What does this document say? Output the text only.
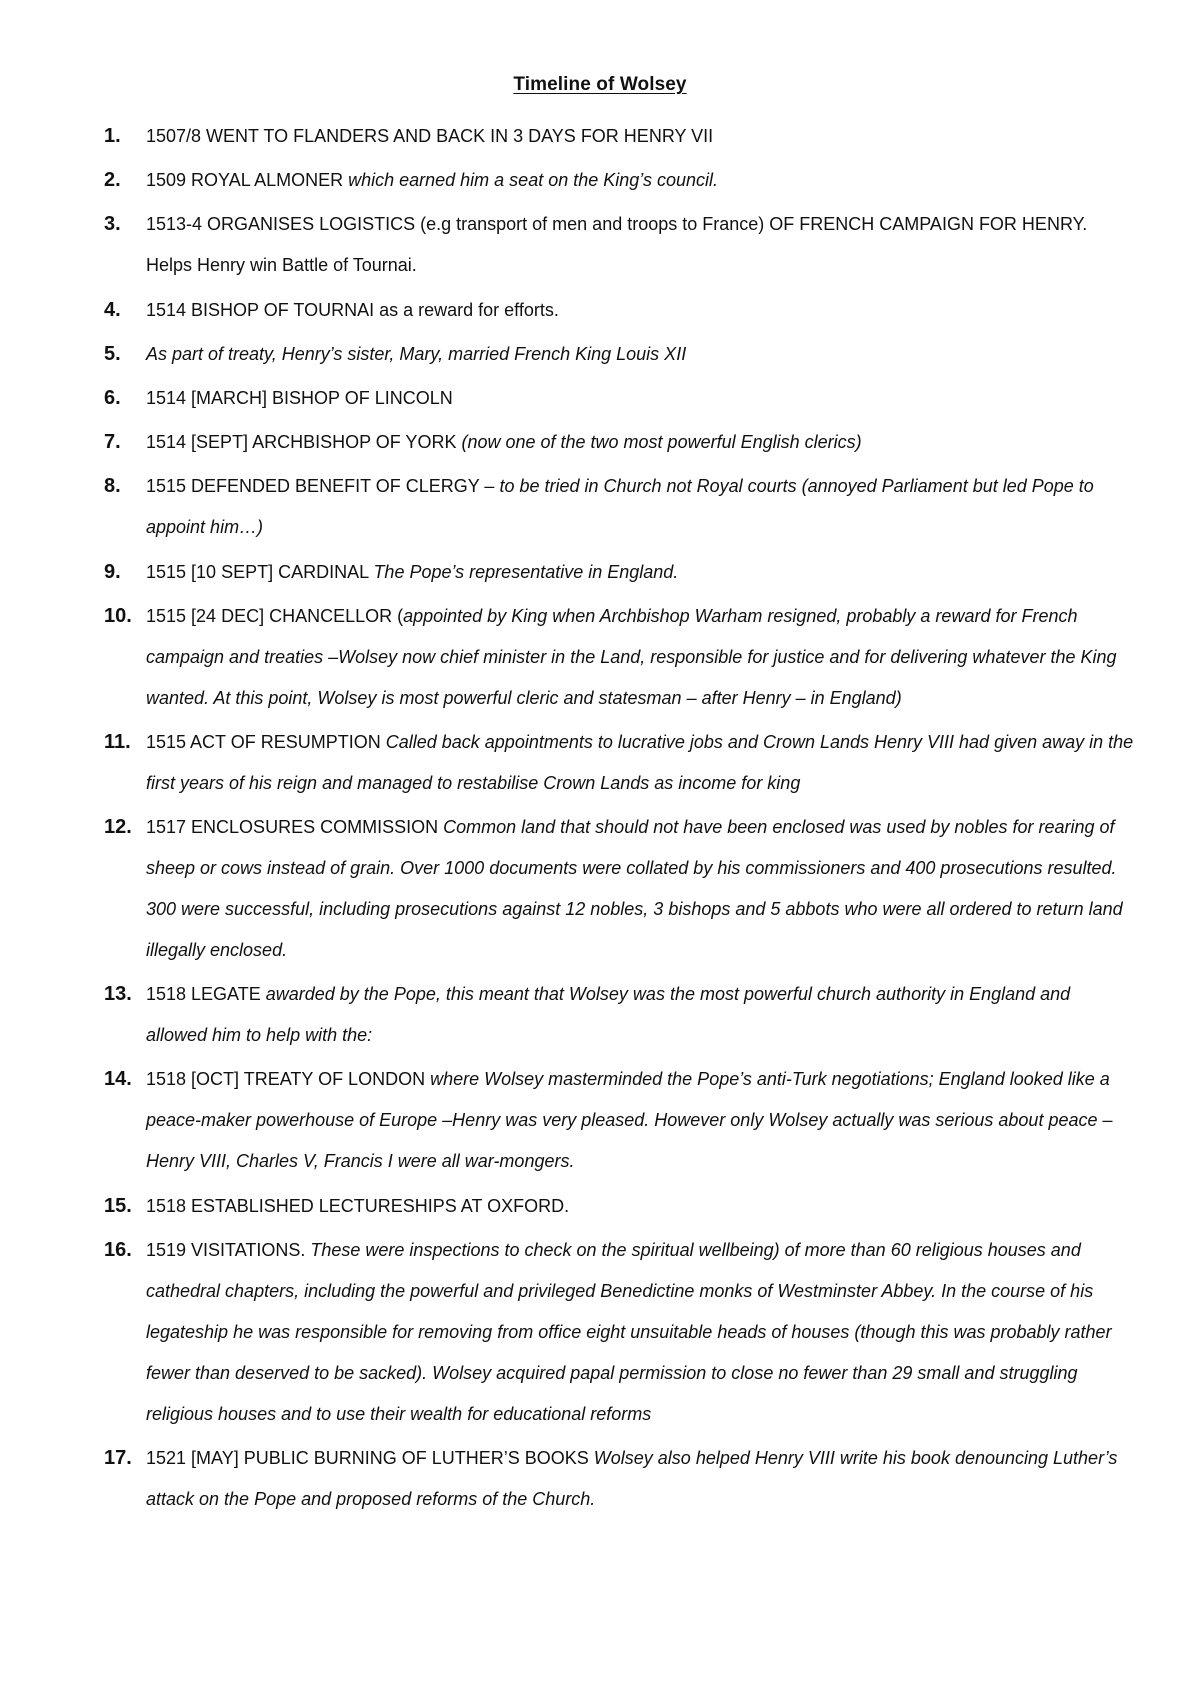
Timeline of Wolsey
1. 1507/8 WENT TO FLANDERS AND BACK IN 3 DAYS FOR HENRY VII
2. 1509 ROYAL ALMONER which earned him a seat on the King’s council.
3. 1513-4 ORGANISES LOGISTICS (e.g transport of men and troops to France) OF FRENCH CAMPAIGN FOR HENRY. Helps Henry win Battle of Tournai.
4. 1514 BISHOP OF TOURNAI as a reward for efforts.
5. As part of treaty, Henry’s sister, Mary, married French King Louis XII
6. 1514 [MARCH] BISHOP OF LINCOLN
7. 1514 [SEPT] ARCHBISHOP OF YORK (now one of the two most powerful English clerics)
8. 1515 DEFENDED BENEFIT OF CLERGY – to be tried in Church not Royal courts (annoyed Parliament but led Pope to appoint him…)
9. 1515 [10 SEPT] CARDINAL The Pope’s representative in England.
10. 1515 [24 DEC] CHANCELLOR (appointed by King when Archbishop Warham resigned, probably a reward for French campaign and treaties –Wolsey now chief minister in the Land, responsible for justice and for delivering whatever the King wanted. At this point, Wolsey is most powerful cleric and statesman – after Henry – in England)
11. 1515 ACT OF RESUMPTION Called back appointments to lucrative jobs and Crown Lands Henry VIII had given away in the first years of his reign and managed to restabilise Crown Lands as income for king
12. 1517 ENCLOSURES COMMISSION Common land that should not have been enclosed was used by nobles for rearing of sheep or cows instead of grain. Over 1000 documents were collated by his commissioners and 400 prosecutions resulted. 300 were successful, including prosecutions against 12 nobles, 3 bishops and 5 abbots who were all ordered to return land illegally enclosed.
13. 1518 LEGATE awarded by the Pope, this meant that Wolsey was the most powerful church authority in England and allowed him to help with the:
14. 1518 [OCT] TREATY OF LONDON where Wolsey masterminded the Pope’s anti-Turk negotiations; England looked like a peace-maker powerhouse of Europe –Henry was very pleased. However only Wolsey actually was serious about peace – Henry VIII, Charles V, Francis I were all war-mongers.
15. 1518 ESTABLISHED LECTURESHIPS AT OXFORD.
16. 1519 VISITATIONS. These were inspections to check on the spiritual wellbeing) of more than 60 religious houses and cathedral chapters, including the powerful and privileged Benedictine monks of Westminster Abbey. In the course of his legateship he was responsible for removing from office eight unsuitable heads of houses (though this was probably rather fewer than deserved to be sacked). Wolsey acquired papal permission to close no fewer than 29 small and struggling religious houses and to use their wealth for educational reforms
17. 1521 [MAY] PUBLIC BURNING OF LUTHER’S BOOKS Wolsey also helped Henry VIII write his book denouncing Luther’s attack on the Pope and proposed reforms of the Church.
